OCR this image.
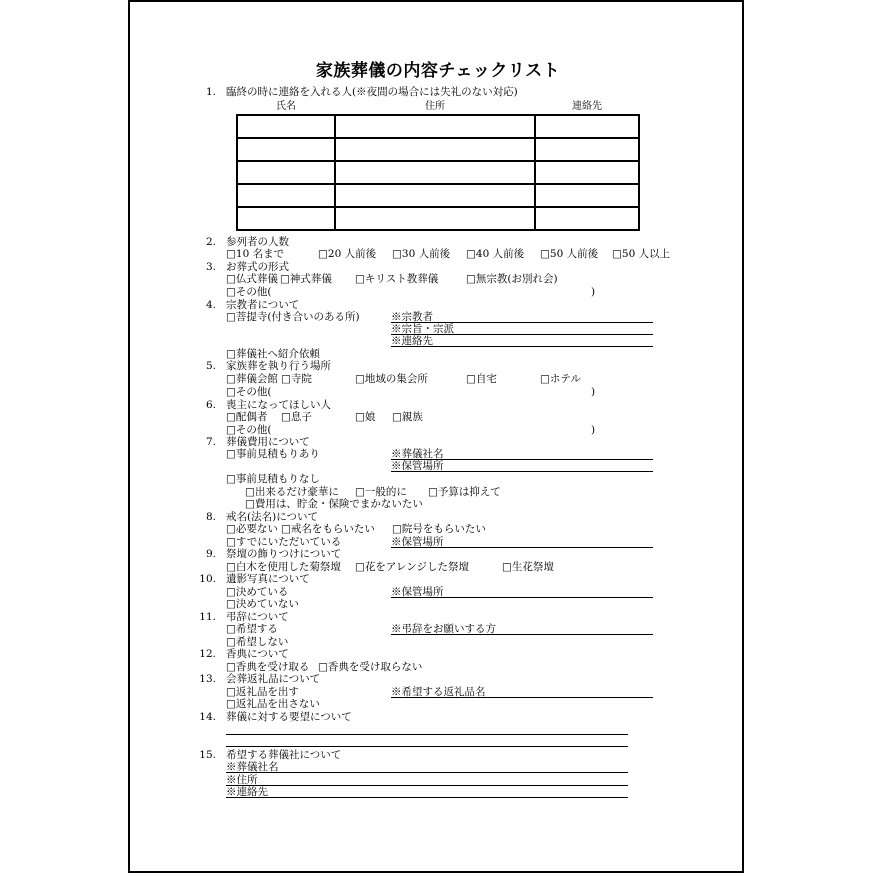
家族葬儀の内容チェックリスト
1. 臨終の時に連絡を入れる人(※夜間の場合には失礼のない対応)
氏名	住所	連絡先

2. 参列者の人数
□10 名まで	□20 人前後 □30 人前後 □40 人前後 □50 人前後 □50 人以上
3. お葬式の形式
□仏式葬儀 □神式葬儀 □キリスト教葬儀	□無宗教(お別れ会)
□その他(	)
4. 宗教者について
□菩提寺(付き合いのある所)	※宗教者
※宗旨・宗派
※連絡先
□葬儀社へ紹介依頼
5. 家族葬を執り行う場所
□葬儀会館 □寺院	□地域の集会所	□自宅	□ホテル
□その他(	)
6. 喪主になってほしい人
□配偶者 □息子	□娘 □親族
□その他(	)
7. 葬儀費用について
□事前見積もりあり	※葬儀社名
※保管場所
□事前見積もりなし
□出来るだけ豪華に □一般的に □予算は抑えて
□費用は、貯金・保険でまかないたい
8. 戒名(法名)について
□必要ない □戒名をもらいたい □院号をもらいたい
□すでにいただいている	※保管場所
9. 祭壇の飾りつけについて
□白木を使用した菊祭壇 □花をアレンジした祭壇	□生花祭壇
10. 遺影写真について
□決めている	※保管場所
□決めていない
11. 弔辞について
□希望する	※弔辞をお願いする方
□希望しない
12. 香典について
□香典を受け取る □香典を受け取らない
13. 会葬返礼品について
□返礼品を出す	※希望する返礼品名
□返礼品を出さない
14. 葬儀に対する要望について
15. 希望する葬儀社について
※葬儀社名
※住所
※連絡先
